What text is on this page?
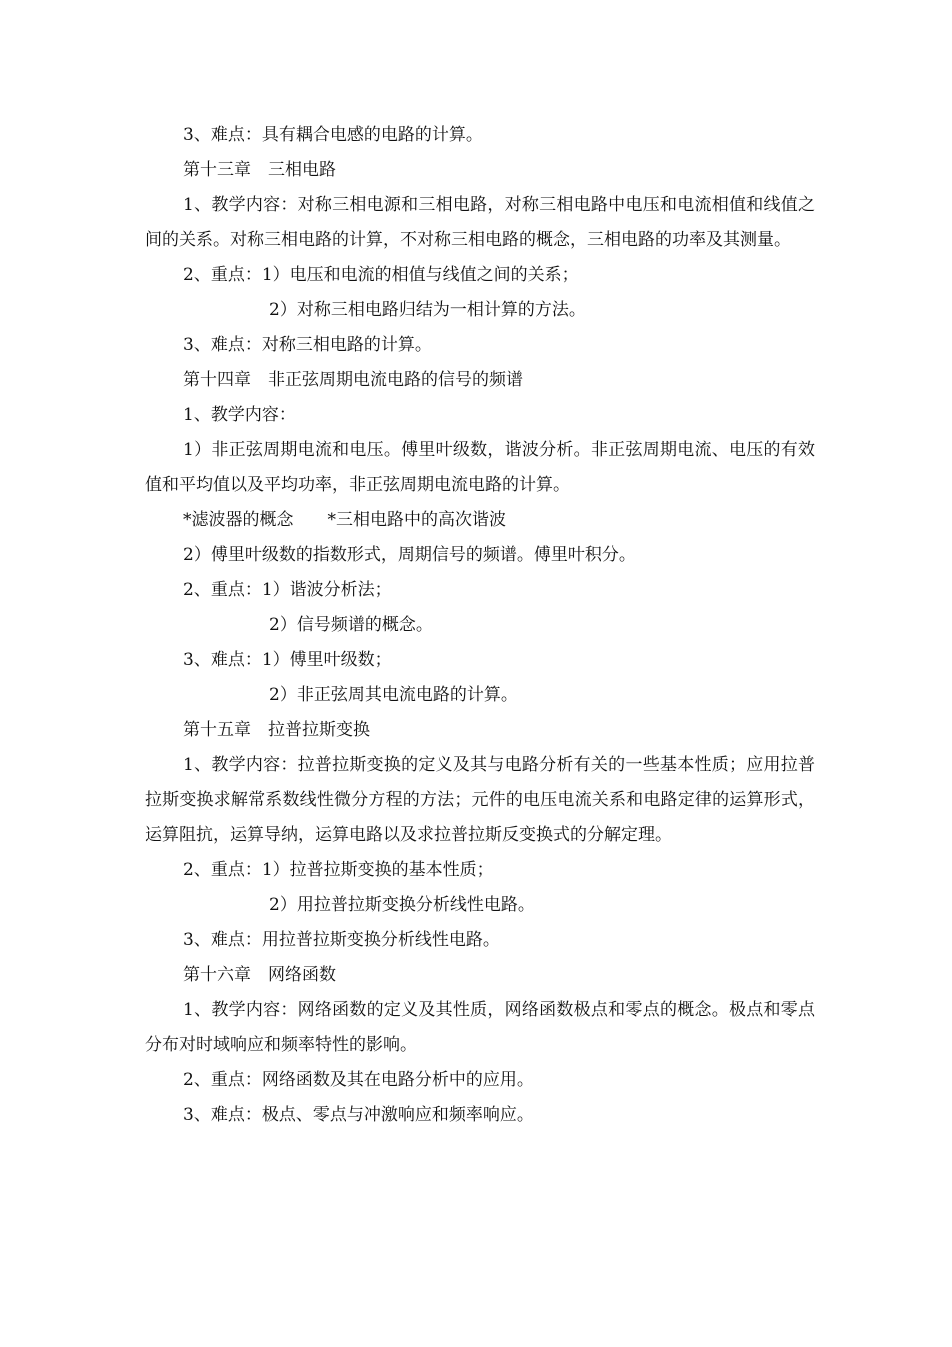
3、难点：具有耦合电感的电路的计算。

第十三章　三相电路

1、教学内容：对称三相电源和三相电路，对称三相电路中电压和电流相值和线值之间的关系。对称三相电路的计算，不对称三相电路的概念，三相电路的功率及其测量。

2、重点：1）电压和电流的相值与线值之间的关系；

2）对称三相电路归结为一相计算的方法。

3、难点：对称三相电路的计算。

第十四章　非正弦周期电流电路的信号的频谱

1、教学内容：

1）非正弦周期电流和电压。傅里叶级数，谐波分析。非正弦周期电流、电压的有效值和平均值以及平均功率，非正弦周期电流电路的计算。

*滤波器的概念　　*三相电路中的高次谐波

2）傅里叶级数的指数形式，周期信号的频谱。傅里叶积分。

2、重点：1）谐波分析法；

2）信号频谱的概念。

3、难点：1）傅里叶级数；

2）非正弦周其电流电路的计算。

第十五章　拉普拉斯变换

1、教学内容：拉普拉斯变换的定义及其与电路分析有关的一些基本性质；应用拉普拉斯变换求解常系数线性微分方程的方法；元件的电压电流关系和电路定律的运算形式，运算阻抗，运算导纳，运算电路以及求拉普拉斯反变换式的分解定理。

2、重点：1）拉普拉斯变换的基本性质；

2）用拉普拉斯变换分析线性电路。

3、难点：用拉普拉斯变换分析线性电路。

第十六章　网络函数

1、教学内容：网络函数的定义及其性质，网络函数极点和零点的概念。极点和零点分布对时域响应和频率特性的影响。

2、重点：网络函数及其在电路分析中的应用。

3、难点：极点、零点与冲激响应和频率响应。
